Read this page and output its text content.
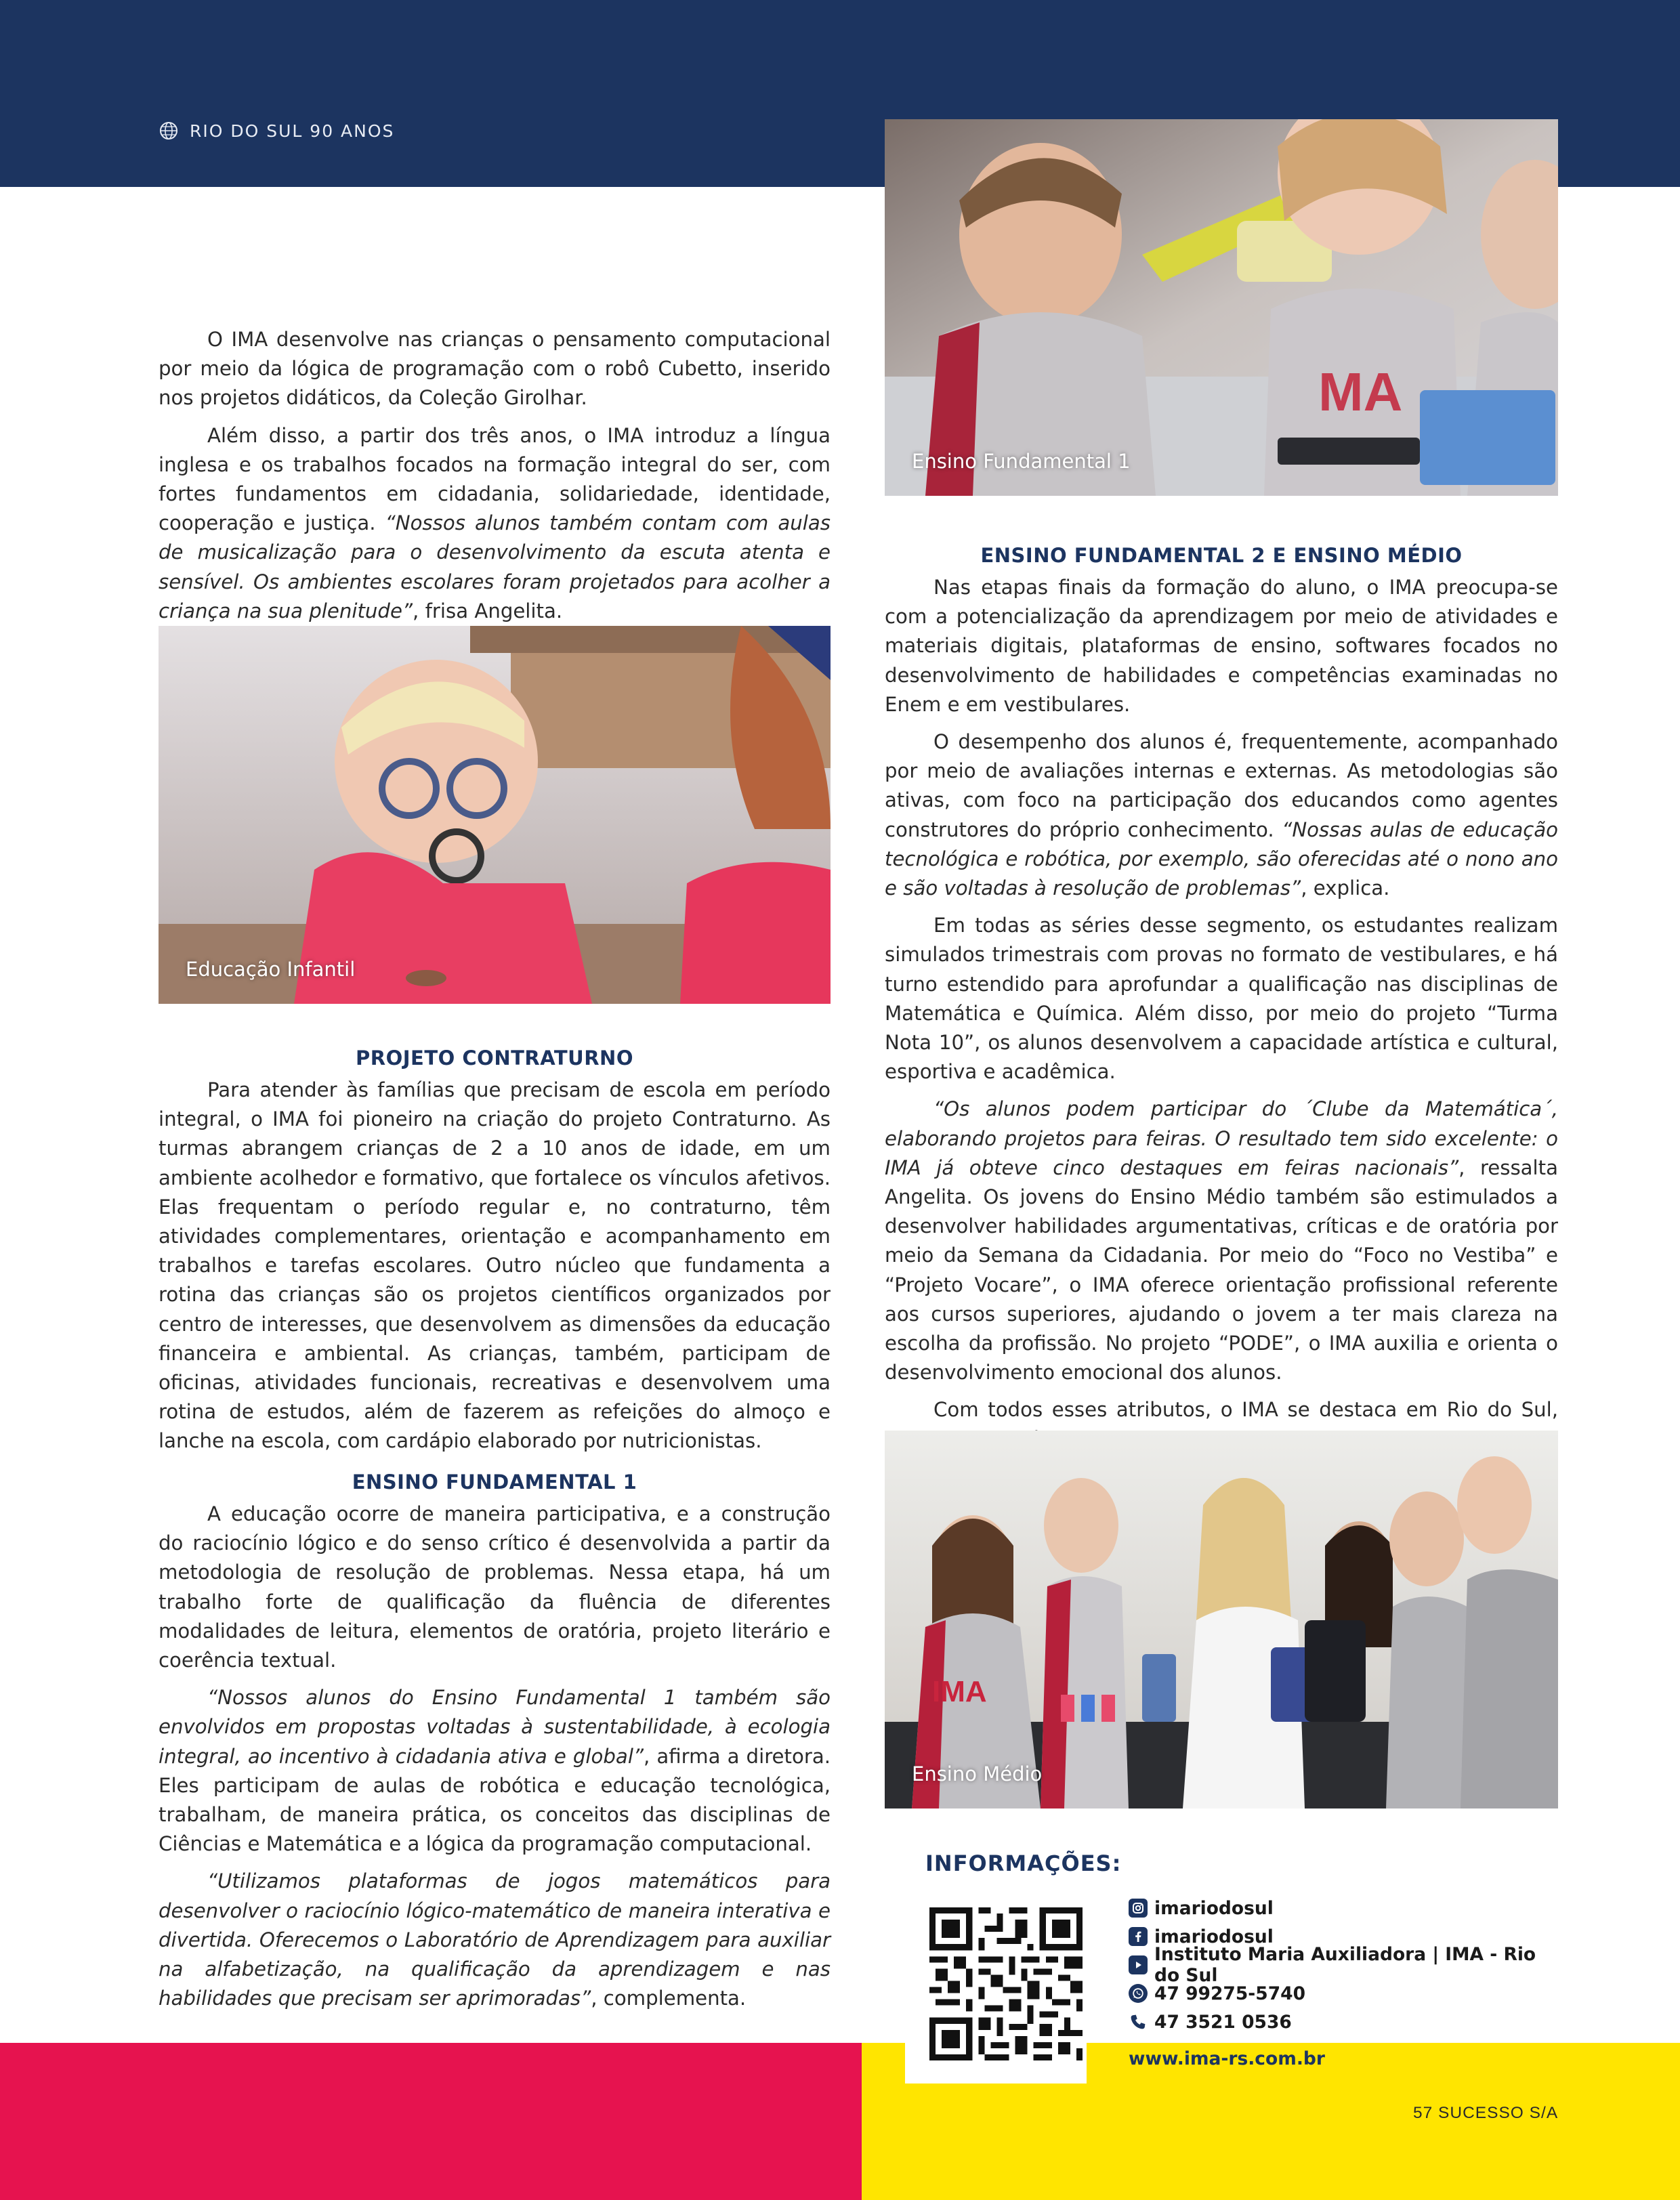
RIO DO SUL 90 ANOS
MA
Ensino Fundamental 1

O IMA desenvolve nas crianças o pensamento computacional por meio da lógica de programação com o robô Cubetto, inserido nos projetos didáticos, da Coleção Girolhar.

Além disso, a partir dos três anos, o IMA introduz a língua inglesa e os trabalhos focados na formação integral do ser, com fortes fundamentos em cidadania, solidariedade, identidade, cooperação e justiça. “Nossos alunos também contam com aulas de musicalização para o desenvolvimento da escuta atenta e sensível. Os ambientes escolares foram projetados para acolher a criança na sua plenitude”, frisa Angelita.

Educação Infantil
PROJETO CONTRATURNO

Para atender às famílias que precisam de escola em período integral, o IMA foi pioneiro na criação do projeto Contraturno. As turmas abrangem crianças de 2 a 10 anos de idade, em um ambiente acolhedor e formativo, que fortalece os vínculos afetivos. Elas frequentam o período regular e, no contraturno, têm atividades complementares, orientação e acompanhamento em trabalhos e tarefas escolares. Outro núcleo que fundamenta a rotina das crianças são os projetos científicos organizados por centro de interesses, que desenvolvem as dimensões da educação financeira e ambiental. As crianças, também, participam de oficinas, atividades funcionais, recreativas e desenvolvem uma rotina de estudos, além de fazerem as refeições do almoço e lanche na escola, com cardápio elaborado por nutricionistas.

ENSINO FUNDAMENTAL 1

A educação ocorre de maneira participativa, e a construção do raciocínio lógico e do senso crítico é desenvolvida a partir da metodologia de resolução de problemas. Nessa etapa, há um trabalho forte de qualificação da fluência de diferentes modalidades de leitura, elementos de oratória, projeto literário e coerência textual.

“Nossos alunos do Ensino Fundamental 1 também são envolvidos em propostas voltadas à sustentabilidade, à ecologia integral, ao incentivo à cidadania ativa e global”, afirma a diretora. Eles participam de aulas de robótica e educação tecnológica, trabalham, de maneira prática, os conceitos das disciplinas de Ciências e Matemática e a lógica da programação computacional.

“Utilizamos plataformas de jogos matemáticos para desenvolver o raciocínio lógico-matemático de maneira interativa e divertida. Oferecemos o Laboratório de Aprendizagem para auxiliar na alfabetização, na qualificação da aprendizagem e nas habilidades que precisam ser aprimoradas”, complementa.

ENSINO FUNDAMENTAL 2 E ENSINO MÉDIO

Nas etapas finais da formação do aluno, o IMA preocupa-se com a potencialização da aprendizagem por meio de atividades e materiais digitais, plataformas de ensino, softwares focados no desenvolvimento de habilidades e competências examinadas no Enem e em vestibulares.

O desempenho dos alunos é, frequentemente, acompanhado por meio de avaliações internas e externas. As metodologias são ativas, com foco na participação dos educandos como agentes construtores do próprio conhecimento. “Nossas aulas de educação tecnológica e robótica, por exemplo, são oferecidas até o nono ano e são voltadas à resolução de problemas”, explica.

Em todas as séries desse segmento, os estudantes realizam simulados trimestrais com provas no formato de vestibulares, e há turno estendido para aprofundar a qualificação nas disciplinas de Matemática e Química. Além disso, por meio do projeto “Turma Nota 10”, os alunos desenvolvem a capacidade artística e cultural, esportiva e acadêmica.

“Os alunos podem participar do ´Clube da Matemática´, elaborando projetos para feiras. O resultado tem sido excelente: o IMA já obteve cinco destaques em feiras nacionais”, ressalta Angelita. Os jovens do Ensino Médio também são estimulados a desenvolver habilidades argumentativas, críticas e de oratória por meio da Semana da Cidadania. Por meio do “Foco no Vestiba” e “Projeto Vocare”, o IMA oferece orientação profissional referente aos cursos superiores, ajudando o jovem a ter mais clareza na escolha da profissão. No projeto “PODE”, o IMA auxilia e orienta o desenvolvimento emocional dos alunos.

Com todos esses atributos, o IMA se destaca em Rio do Sul,

IMA
Ensino Médio
INFORMAÇÕES:
imariodosul
imariodosul
Instituto Maria Auxiliadora | IMA - Rio do Sul
47 99275-5740
47 3521 0536
www.ima-rs.com.br
57 SUCESSO S/A
